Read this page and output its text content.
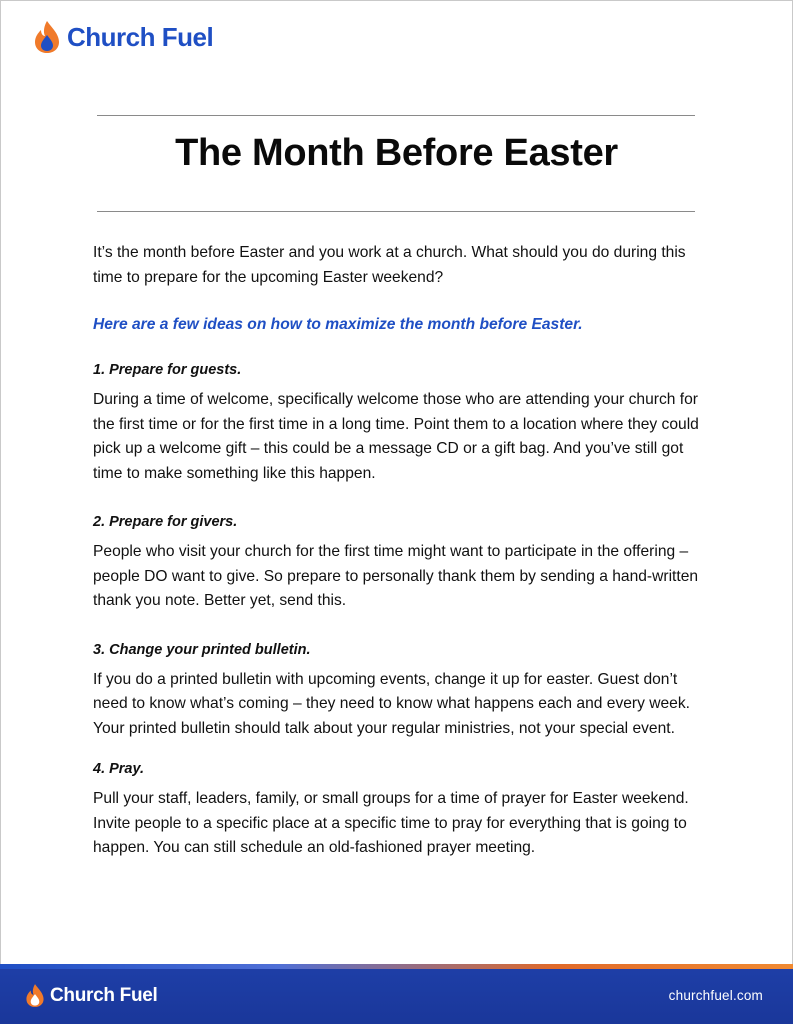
Church Fuel
The Month Before Easter

It’s the month before Easter and you work at a church. What should you do during this time to prepare for the upcoming Easter weekend?

Here are a few ideas on how to maximize the month before Easter.

1. Prepare for guests.

During a time of welcome, specifically welcome those who are attending your church for the first time or for the first time in a long time. Point them to a location where they could pick up a welcome gift – this could be a message CD or a gift bag. And you’ve still got time to make something like this happen.

2. Prepare for givers.

People who visit your church for the first time might want to participate in the offering – people DO want to give. So prepare to personally thank them by sending a hand-written thank you note. Better yet, send this.

3. Change your printed bulletin.

If you do a printed bulletin with upcoming events, change it up for easter. Guest don’t need to know what’s coming – they need to know what happens each and every week. Your printed bulletin should talk about your regular ministries, not your special event.

4. Pray.

Pull your staff, leaders, family, or small groups for a time of prayer for Easter weekend. Invite people to a specific place at a specific time to pray for everything that is going to happen. You can still schedule an old-fashioned prayer meeting.

Church Fuel	churchfuel.com
